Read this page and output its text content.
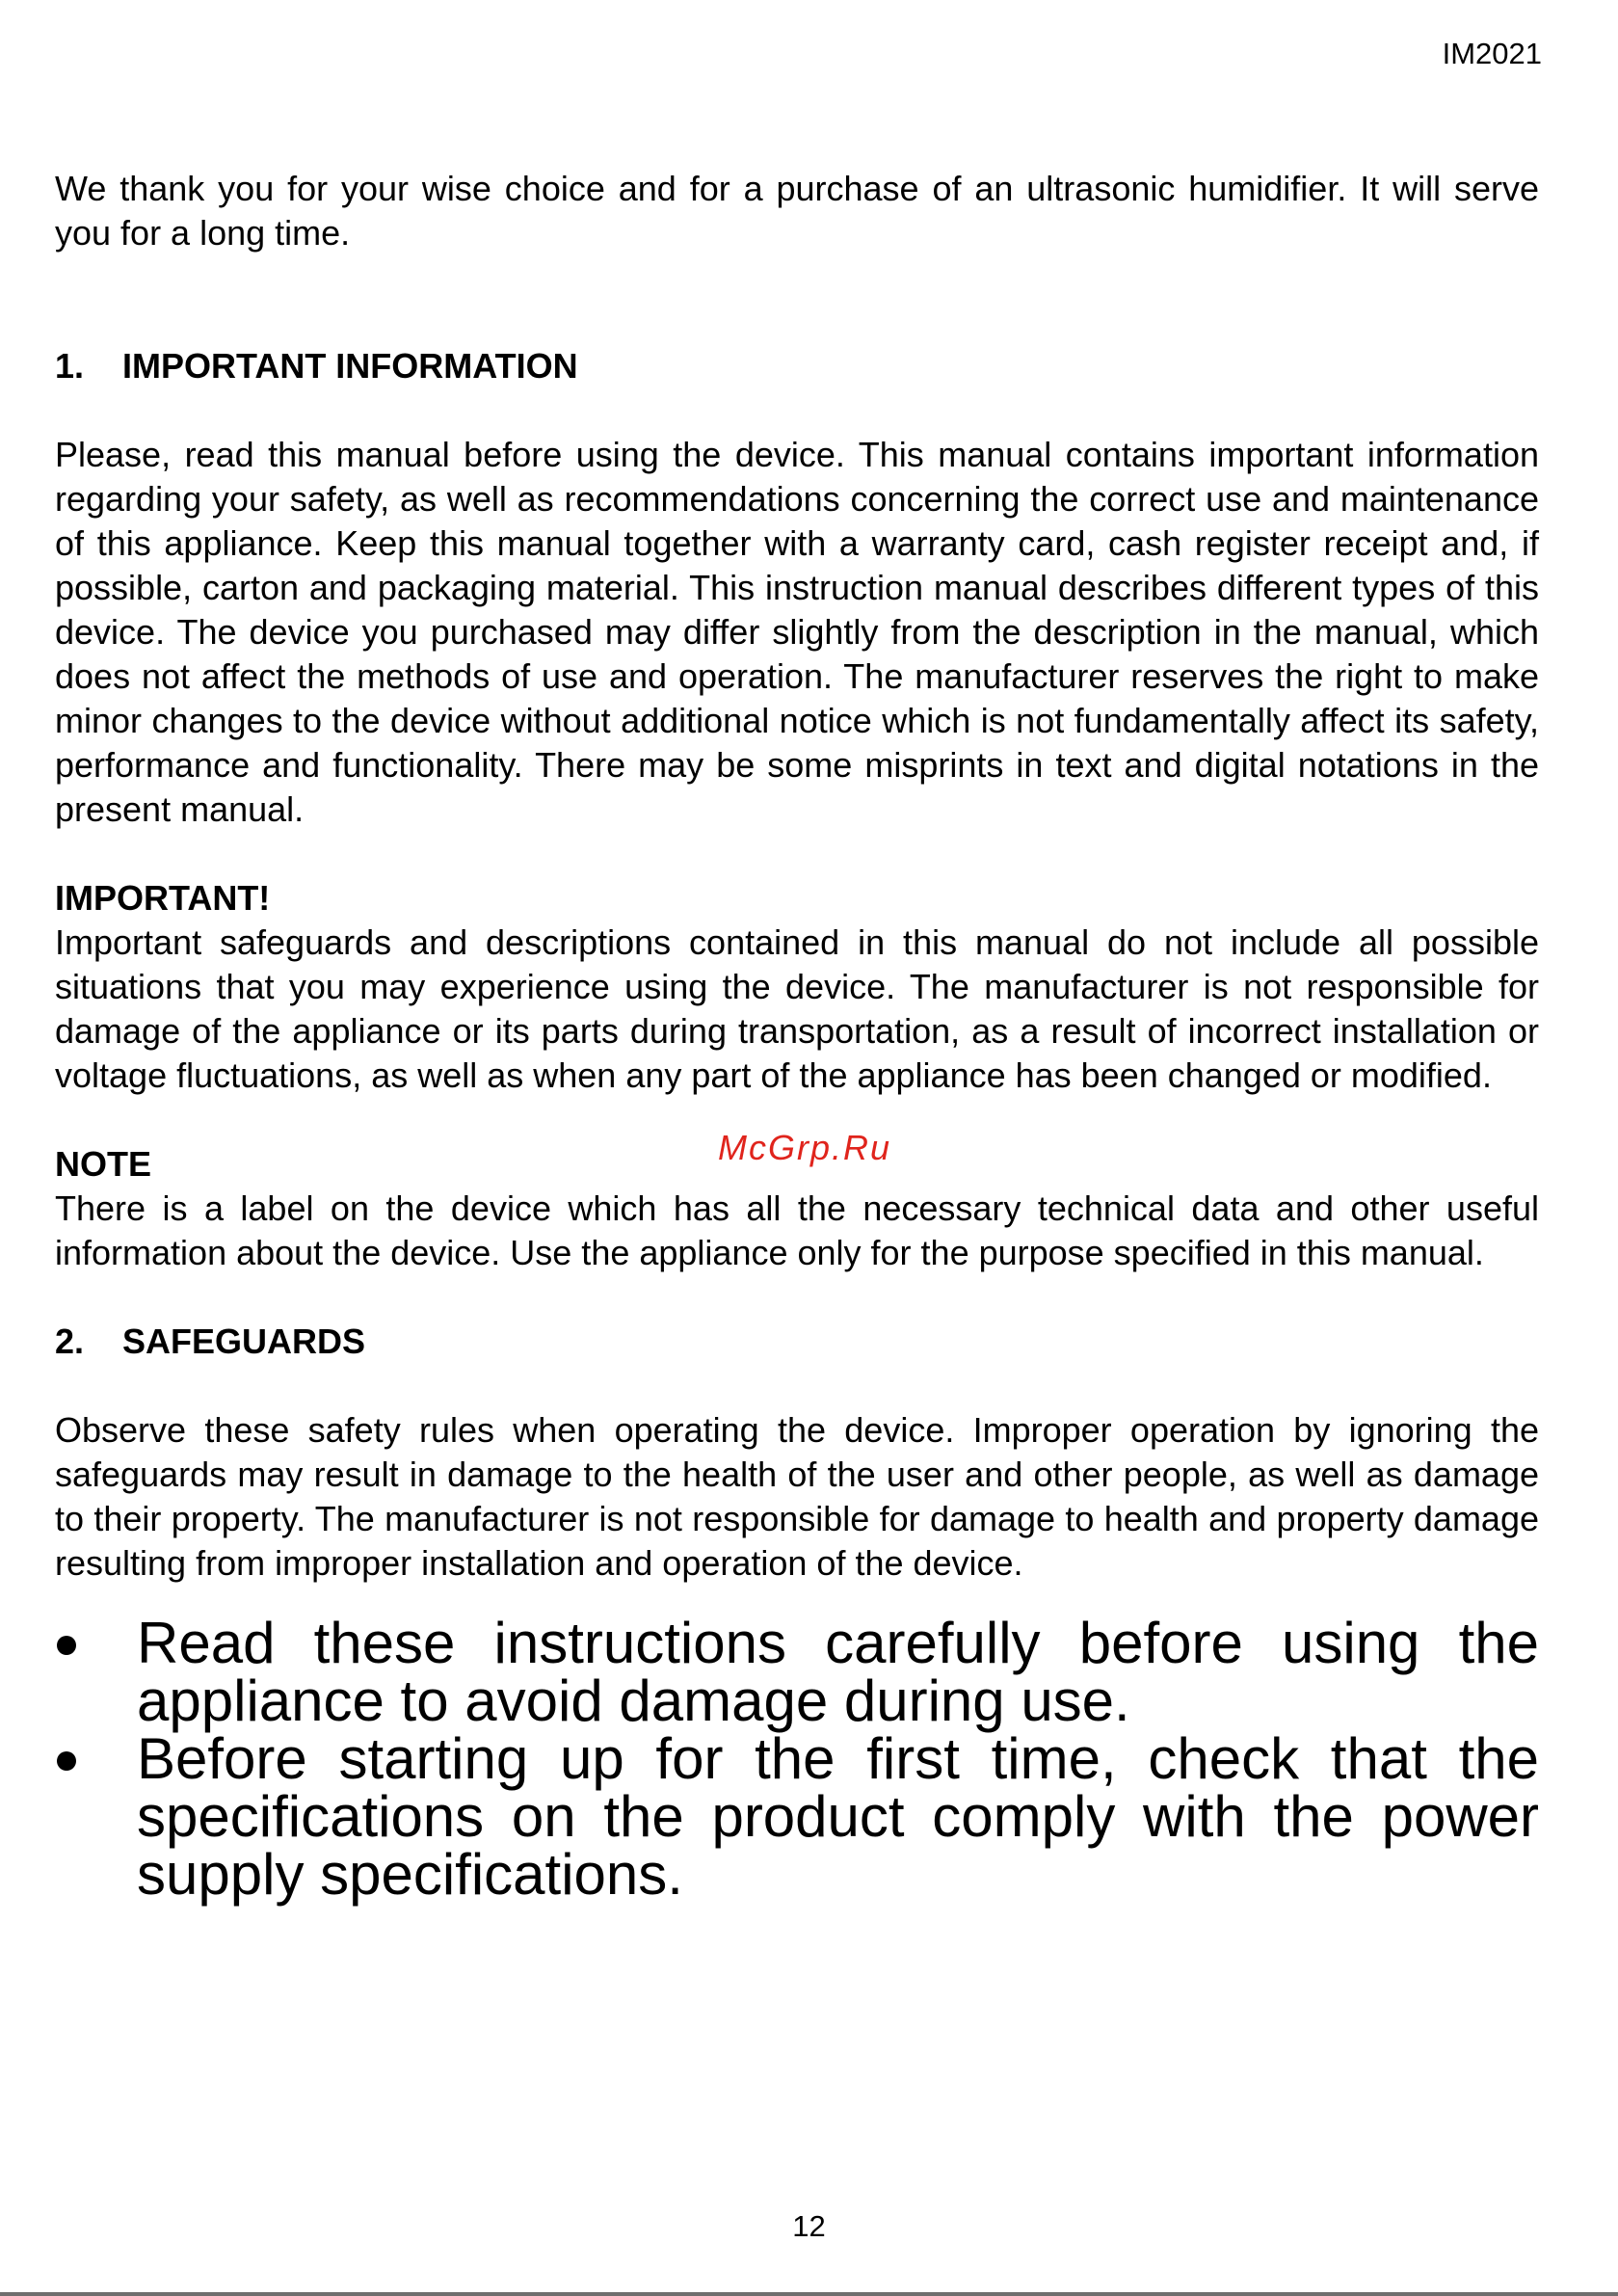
IM2021

We thank you for your wise choice and for a purchase of an ultrasonic humidifier. It will serve you for a long time.

1.	IMPORTANT INFORMATION

Please, read this manual before using the device. This manual contains important information regarding your safety, as well as recommendations concerning the correct use and maintenance of this appliance. Keep this manual together with a warranty card, cash register receipt and, if possible, carton and packaging material. This instruction manual describes different types of this device. The device you purchased may differ slightly from the description in the manual, which does not affect the methods of use and operation. The manufacturer reserves the right to make minor changes to the device without additional notice which is not fundamentally affect its safety, performance and functionality. There may be some misprints in text and digital notations in the present manual.

IMPORTANT!

Important safeguards and descriptions contained in this manual do not include all possible situations that you may experience using the device. The manufacturer is not responsible for damage of the appliance or its parts during transportation, as a result of incorrect installation or voltage fluctuations, as well as when any part of the appliance has been changed or modified.

NOTE

There is a label on the device which has all the necessary technical data and other useful information about the device. Use the appliance only for the purpose specified in this manual.

2.	SAFEGUARDS

Observe these safety rules when operating the device. Improper operation by ignoring the safeguards may result in damage to the health of the user and other people, as well as damage to their property. The manufacturer is not responsible for damage to health and property damage resulting from improper installation and operation of the device.

Read these instructions carefully before using the appliance to avoid damage during use.
Before starting up for the first time, check that the specifications on the product comply with the power supply specifications.
McGrp.Ru
12
